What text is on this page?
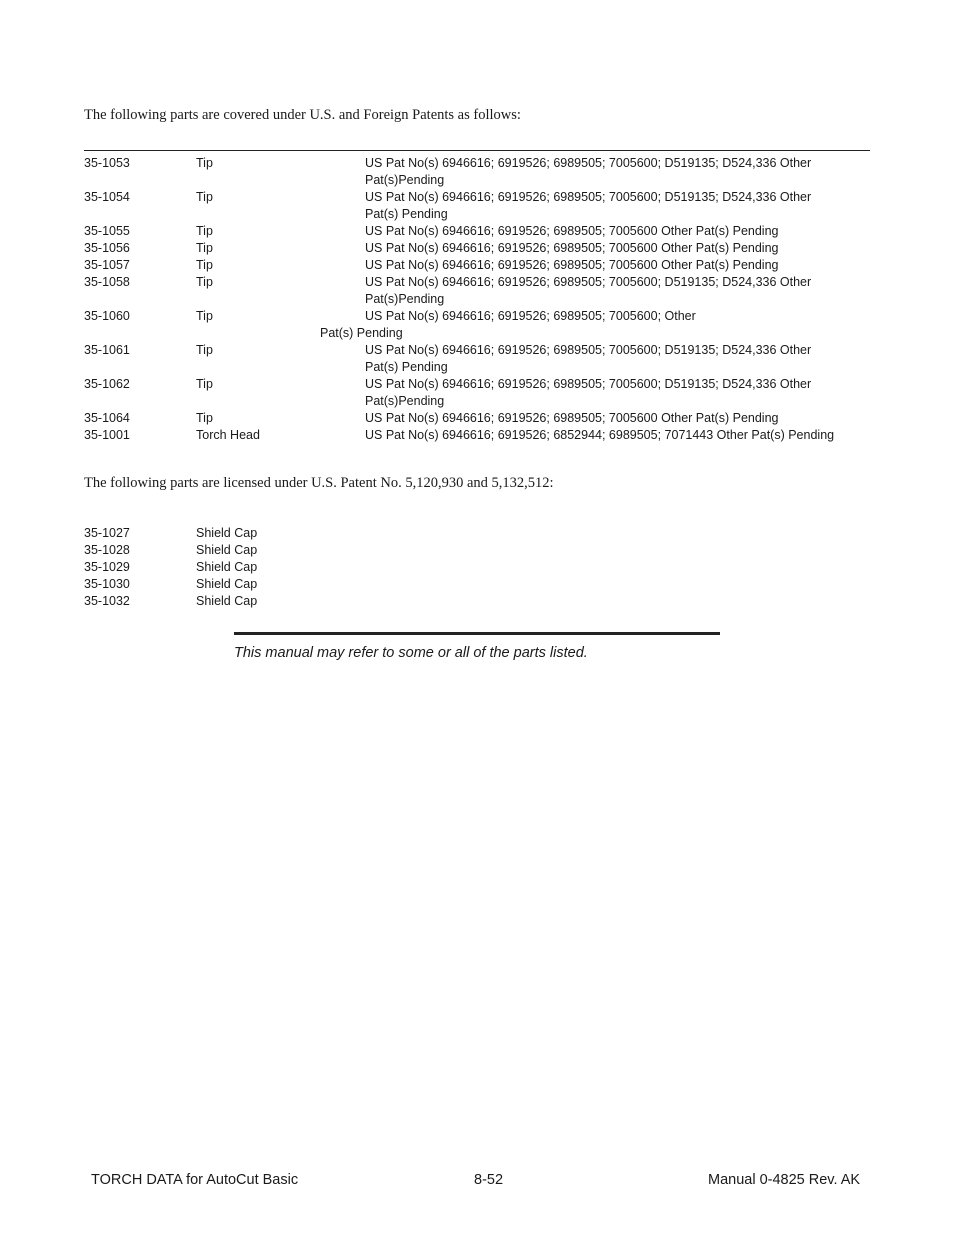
The following parts are covered under U.S. and Foreign Patents as follows:
35-1053	Tip	US Pat No(s) 6946616; 6919526; 6989505; 7005600; D519135; D524,336 Other
Pat(s)Pending
35-1054	Tip	US Pat No(s) 6946616; 6919526; 6989505; 7005600; D519135; D524,336 Other
Pat(s) Pending
35-1055	Tip	US Pat No(s) 6946616; 6919526; 6989505; 7005600 Other Pat(s) Pending
35-1056	Tip	US Pat No(s) 6946616; 6919526; 6989505; 7005600 Other Pat(s) Pending
35-1057	Tip	US Pat No(s) 6946616; 6919526; 6989505; 7005600 Other Pat(s) Pending
35-1058	Tip	US Pat No(s) 6946616; 6919526; 6989505; 7005600; D519135; D524,336 Other
Pat(s)Pending
35-1060	Tip	US Pat No(s) 6946616; 6919526; 6989505; 7005600; Other
Pat(s) Pending
35-1061	Tip	US Pat No(s) 6946616; 6919526; 6989505; 7005600; D519135; D524,336 Other
Pat(s) Pending
35-1062	Tip	US Pat No(s) 6946616; 6919526; 6989505; 7005600; D519135; D524,336 Other
Pat(s)Pending
35-1064	Tip	US Pat No(s) 6946616; 6919526; 6989505; 7005600 Other Pat(s) Pending
35-1001	Torch Head	US Pat No(s) 6946616; 6919526; 6852944; 6989505; 7071443 Other Pat(s) Pending
The following parts are licensed under U.S. Patent No. 5,120,930 and 5,132,512:
35-1027	Shield Cap
35-1028	Shield Cap
35-1029	Shield Cap
35-1030	Shield Cap
35-1032	Shield Cap
This manual may refer to some or all of the parts listed.
TORCH DATA for AutoCut Basic	8-52	Manual 0-4825 Rev. AK
